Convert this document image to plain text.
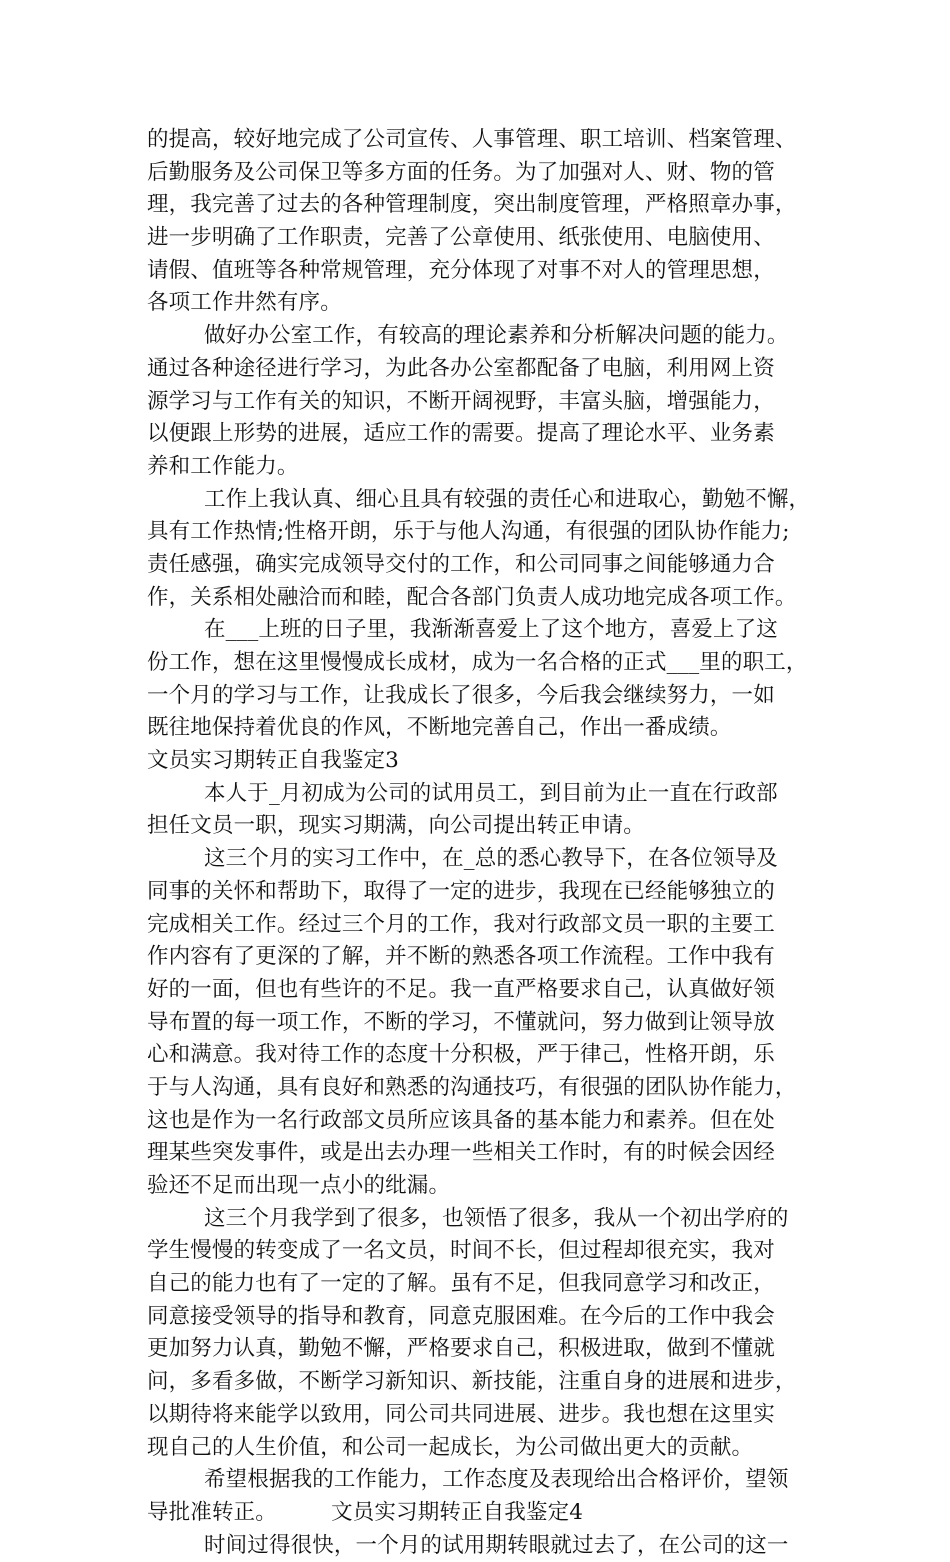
的提高，较好地完成了公司宣传、人事管理、职工培训、档案管理、
后勤服务及公司保卫等多方面的任务。为了加强对人、财、物的管
理，我完善了过去的各种管理制度，突出制度管理，严格照章办事，
进一步明确了工作职责，完善了公章使用、纸张使用、电脑使用、
请假、值班等各种常规管理，充分体现了对事不对人的管理思想，
各项工作井然有序。
做好办公室工作，有较高的理论素养和分析解决问题的能力。
通过各种途径进行学习，为此各办公室都配备了电脑，利用网上资
源学习与工作有关的知识，不断开阔视野，丰富头脑，增强能力，
以便跟上形势的进展，适应工作的需要。提高了理论水平、业务素
养和工作能力。
工作上我认真、细心且具有较强的责任心和进取心，勤勉不懈，
具有工作热情;性格开朗，乐于与他人沟通，有很强的团队协作能力;
责任感强，确实完成领导交付的工作，和公司同事之间能够通力合
作，关系相处融洽而和睦，配合各部门负责人成功地完成各项工作。
在___上班的日子里，我渐渐喜爱上了这个地方，喜爱上了这
份工作，想在这里慢慢成长成材，成为一名合格的正式___里的职工，
一个月的学习与工作，让我成长了很多，今后我会继续努力，一如
既往地保持着优良的作风，不断地完善自己，作出一番成绩。
文员实习期转正自我鉴定3
本人于_月初成为公司的试用员工，到目前为止一直在行政部
担任文员一职，现实习期满，向公司提出转正申请。
这三个月的实习工作中，在_总的悉心教导下，在各位领导及
同事的关怀和帮助下，取得了一定的进步，我现在已经能够独立的
完成相关工作。经过三个月的工作，我对行政部文员一职的主要工
作内容有了更深的了解，并不断的熟悉各项工作流程。工作中我有
好的一面，但也有些许的不足。我一直严格要求自己，认真做好领
导布置的每一项工作，不断的学习，不懂就问，努力做到让领导放
心和满意。我对待工作的态度十分积极，严于律己，性格开朗，乐
于与人沟通，具有良好和熟悉的沟通技巧，有很强的团队协作能力，
这也是作为一名行政部文员所应该具备的基本能力和素养。但在处
理某些突发事件，或是出去办理一些相关工作时，有的时候会因经
验还不足而出现一点小的纰漏。
这三个月我学到了很多，也领悟了很多，我从一个初出学府的
学生慢慢的转变成了一名文员，时间不长，但过程却很充实，我对
自己的能力也有了一定的了解。虽有不足，但我同意学习和改正，
同意接受领导的指导和教育，同意克服困难。在今后的工作中我会
更加努力认真，勤勉不懈，严格要求自己，积极进取，做到不懂就
问，多看多做，不断学习新知识、新技能，注重自身的进展和进步，
以期待将来能学以致用，同公司共同进展、进步。我也想在这里实
现自己的人生价值，和公司一起成长，为公司做出更大的贡献。
希望根据我的工作能力，工作态度及表现给出合格评价，望领
导批准转正。　　　文员实习期转正自我鉴定4
时间过得很快，一个月的试用期转眼就过去了，在公司的这一
